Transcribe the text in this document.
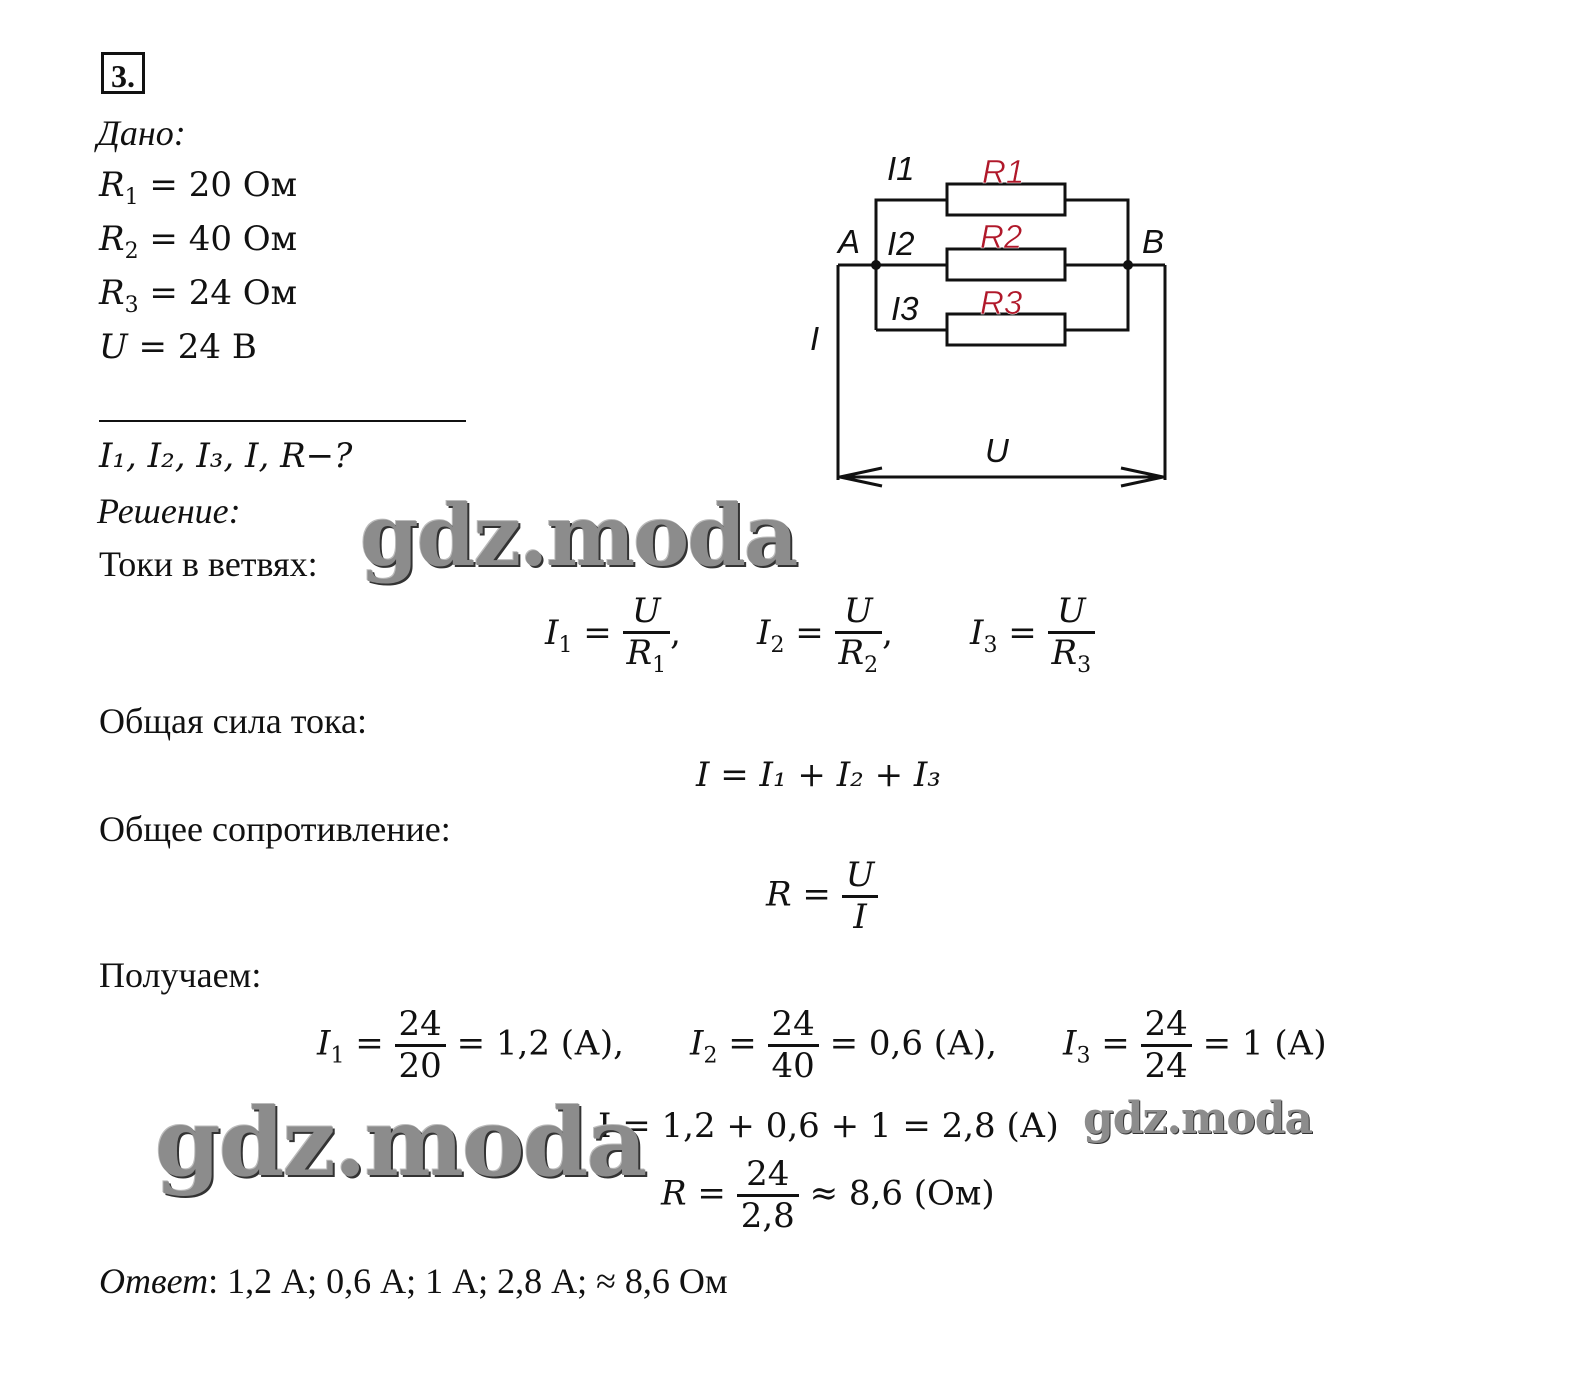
3.
Дано:
$R_1 = 20$ Ом
$R_2 = 40$ Ом
$R_3 = 24$ Ом
U = 24 В
I₁, I₂, I₃, I, R−?
Решение:
Токи в ветвях:
$I_1 = \frac{U}{R_1}$ , $I_2 = \frac{U}{R_2}$ , $I_3 = \frac{U}{R_3}$
Общая сила тока:
I = I₁ + I₂ + I₃
Общее сопротивление:
$R = \frac{U}{I}$
Получаем:
$I_1 = \frac{24}{20} = 1,2$ (А), $I_2 = \frac{24}{40} = 0,6$ (А), $I_3 = \frac{24}{24} = 1$ (А)
I = 1,2 + 0,6 + 1 = 2,8 (А)
$R = \frac{24}{2,8} \approx 8,6$ (Ом)
Ответ: 1,2 А; 0,6 А; 1 А; 2,8 А; ≈ 8,6 Ом
gdz.moda
gdz.moda	gdz.moda
I1
I2
I3
I
A	B
U
R1
R2
R3
